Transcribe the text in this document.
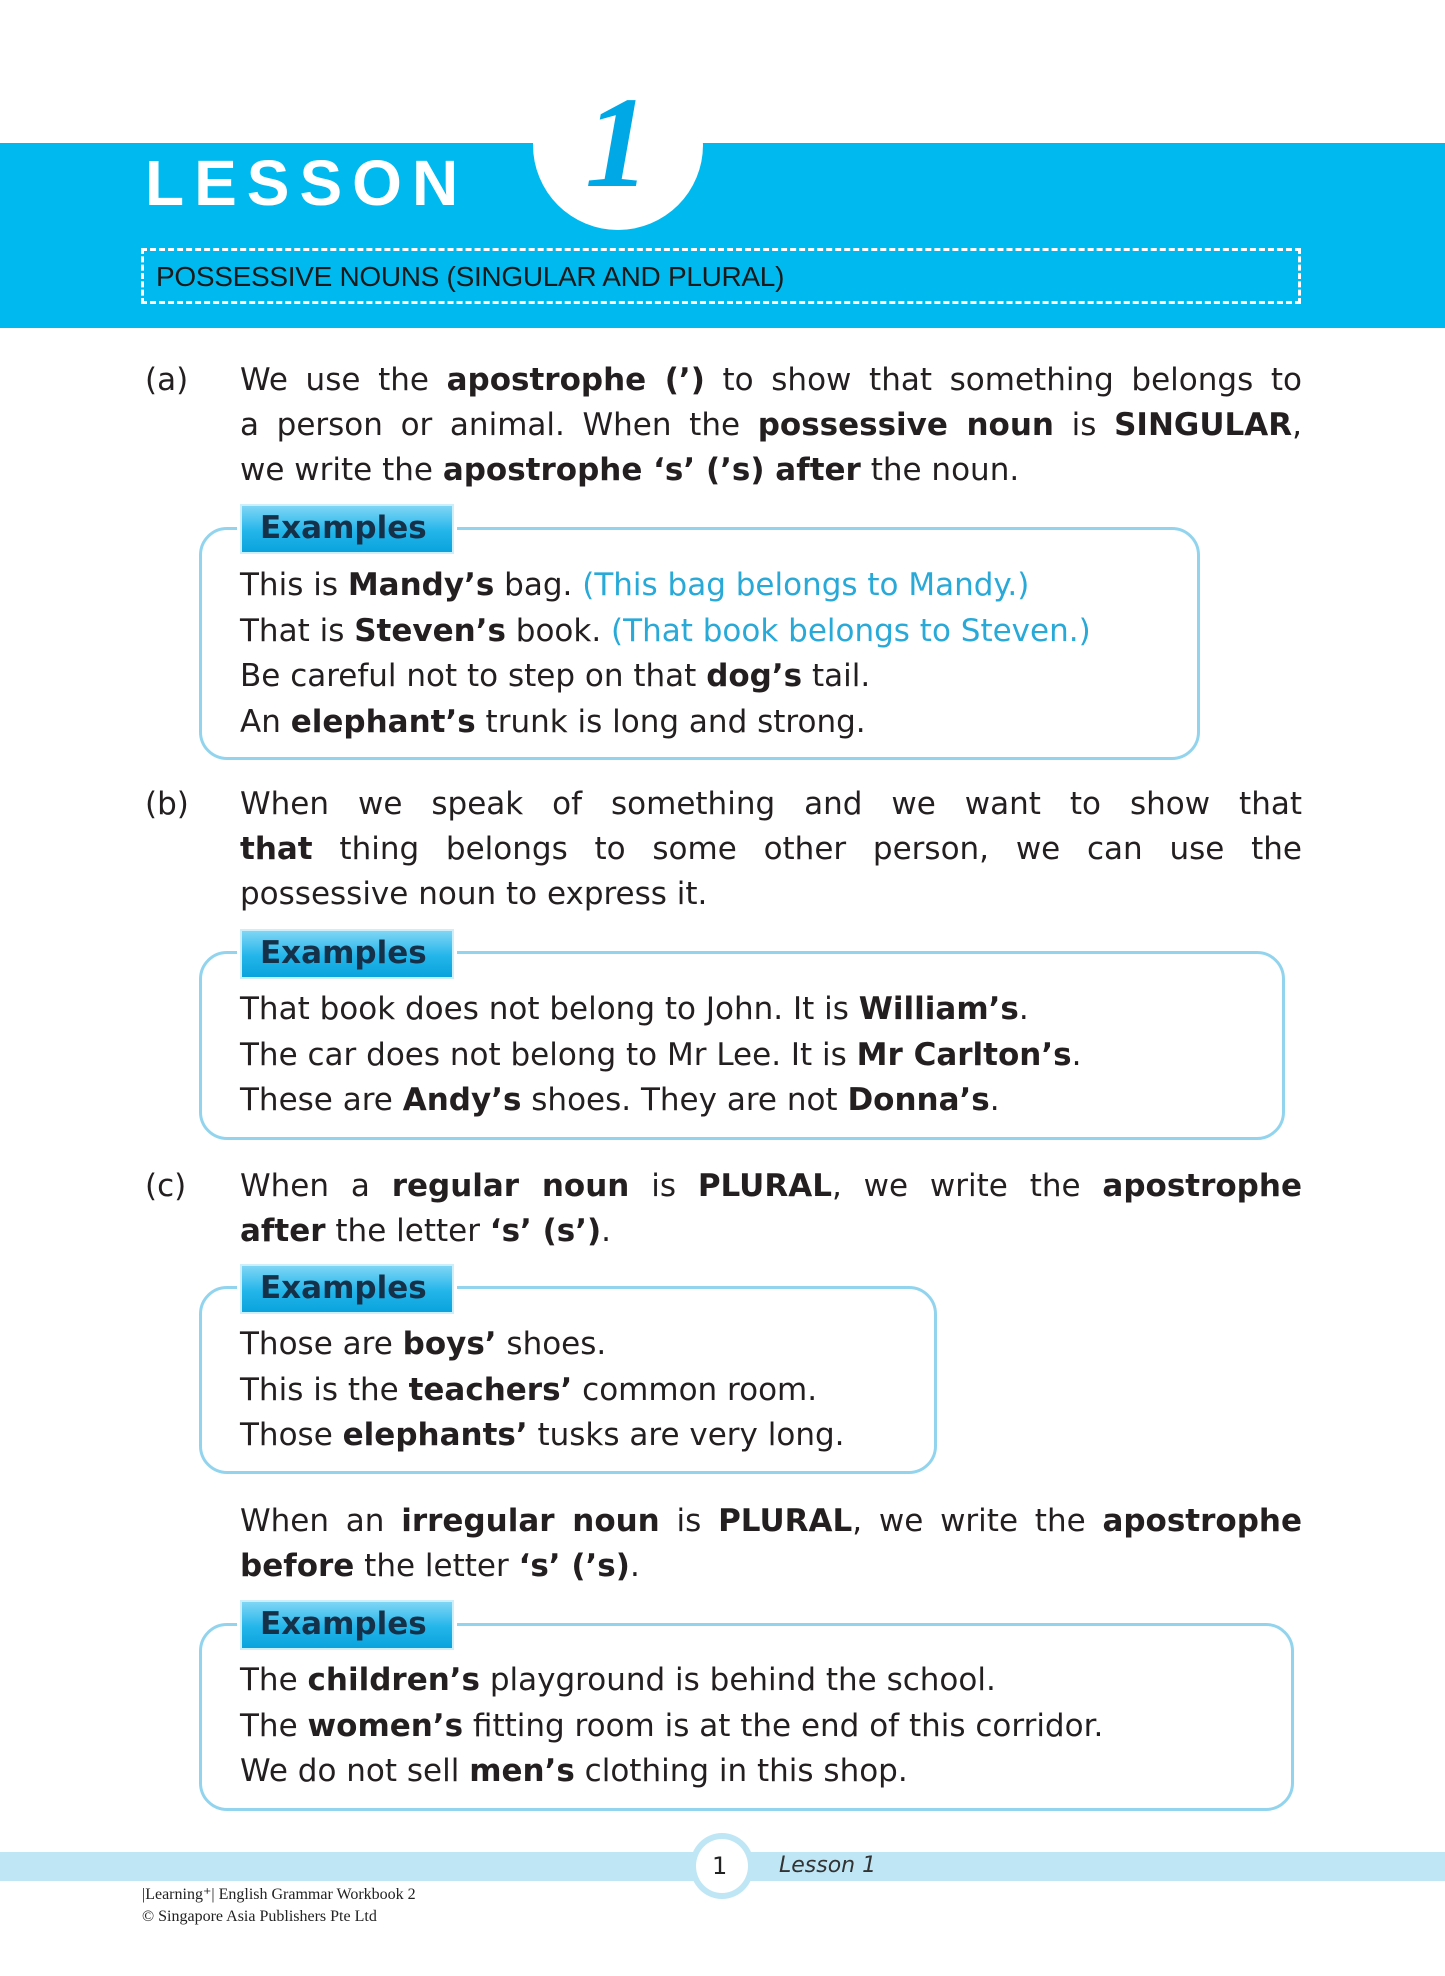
1
LESSON
POSSESSIVE NOUNS (SINGULAR AND PLURAL)
(a) We use the apostrophe (’) to show that something belongs to
a person or animal. When the possessive noun is SINGULAR,
we write the apostrophe ‘s’ (’s) after the noun.
Examples
This is Mandy’s bag. (This bag belongs to Mandy.)
That is Steven’s book. (That book belongs to Steven.)
Be careful not to step on that dog’s tail.
An elephant’s trunk is long and strong.
(b) When we speak of something and we want to show that
that thing belongs to some other person, we can use the
possessive noun to express it.
Examples
That book does not belong to John. It is William’s.
The car does not belong to Mr Lee. It is Mr Carlton’s.
These are Andy’s shoes. They are not Donna’s.
(c) When a regular noun is PLURAL, we write the apostrophe
after the letter ‘s’ (s’).
Examples
Those are boys’ shoes.
This is the teachers’ common room.
Those elephants’ tusks are very long.
When an irregular noun is PLURAL, we write the apostrophe
before the letter ‘s’ (’s).
Examples
The children’s playground is behind the school.
The women’s fitting room is at the end of this corridor.
We do not sell men’s clothing in this shop.
1 Lesson 1
|Learning⁺| English Grammar Workbook 2
© Singapore Asia Publishers Pte Ltd
